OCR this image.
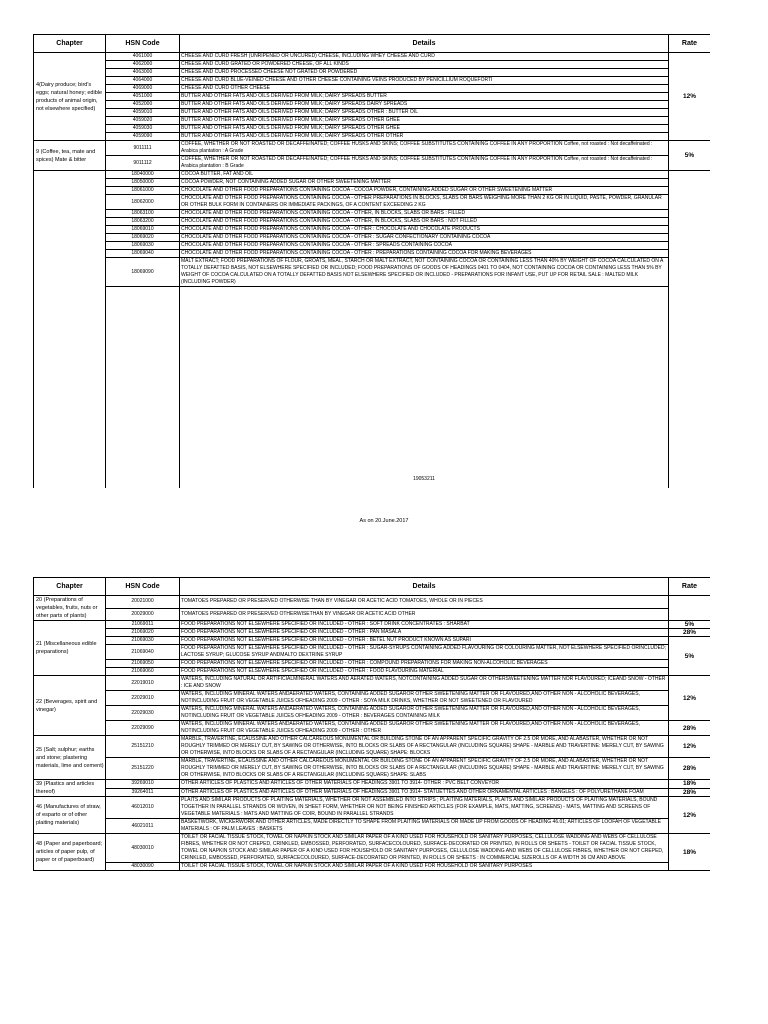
Chapter	HSN Code	Details	Rate	
4(Dairy produce; bird's eggs; natural honey; edible products of animal origin, not elsewhere specified)	4061000	CHEESE AND CURD FRESH (UNRIPENED OR UNCURED) CHEESE, INCLUDING WHEY CHEESE AND CURD	12%	
	4062000	CHEESE AND CURD GRATED OR POWDERED CHEESE, OF ALL KINDS		
	4063000	CHEESE AND CURD PROCESSED CHEESE NOT GRATED OR POWDERED		
	4064000	CHEESE AND CURD BLUE-VEINED CHEESE AND OTHER CHEESE CONTAINING VEINS PRODUCED BY PENICILLIUM ROQUEFORTI		
	4069000	CHEESE AND CURD OTHER CHEESE		
	4051000	BUTTER AND OTHER FATS AND OILS DERIVED FROM MILK; DAIRY SPREADS BUTTER		
	4052000	BUTTER AND OTHER FATS AND OILS DERIVED FROM MILK; DAIRY SPREADS DAIRY SPREADS		
	4059010	BUTTER AND OTHER FATS AND OILS DERIVED FROM MILK; DAIRY SPREADS OTHER : BUTTER OIL		
	4059020	BUTTER AND OTHER FATS AND OILS DERIVED FROM MILK; DAIRY SPREADS OTHER GHEE		
	4059030	BUTTER AND OTHER FATS AND OILS DERIVED FROM MILK; DAIRY SPREADS OTHER GHEE		
	4059090	BUTTER AND OTHER FATS AND OILS DERIVED FROM MILK; DAIRY SPREADS OTHER OTHER		
9 (Coffee, tea, mate and spices) Mate & bitter	9011111	COFFEE, WHETHER OR NOT ROASTED OR DECAFFEINATED; COFFEE HUSKS AND SKINS; COFFEE SUBSTITUTES CONTAINING COFFEE IN ANY PROPORTION Coffee, not roasted : Not decaffeinated : Arabica plantation : A Grade	5%	
	9011112	COFFEE, WHETHER OR NOT ROASTED OR DECAFFEINATED; COFFEE HUSKS AND SKINS; COFFEE SUBSTITUTES CONTAINING COFFEE IN ANY PROPORTION Coffee, not roasted : Not decaffeinated : Arabica plantation : B Grade		
	18040000	COCOA BUTTER, FAT AND OIL	
	18050000	COCOA POWDER, NOT CONTAINING ADDED SUGAR OR OTHER SWEETENING MATTER		
	18061000	CHOCOLATE AND OTHER FOOD PREPARATIONS CONTAINING COCOA - COCOA POWDER, CONTAINING ADDED SUGAR OR OTHER SWEETENING MATTER		
	18062000	CHOCOLATE AND OTHER FOOD PREPARATIONS CONTAINING COCOA - OTHER PREPARATIONS IN BLOCKS, SLABS OR BARS WEIGHING MORE THAN 2 KG OR IN LIQUID, PASTE, POWDER, GRANULAR OR OTHER BULK FORM IN CONTAINERS OR IMMEDIATE PACKINGS, OF A CONTENT EXCEEDING 2 KG		
	18063100	CHOCOLATE AND OTHER FOOD PREPARATIONS CONTAINING COCOA - OTHER, IN BLOCKS, SLABS OR BARS : FILLED		
	18063200	CHOCOLATE AND OTHER FOOD PREPARATIONS CONTAINING COCOA - OTHER, IN BLOCKS, SLABS OR BARS : NOT FILLED		
	18069010	CHOCOLATE AND OTHER FOOD PREPARATIONS CONTAINING COCOA - OTHER : CHOCOLATE AND CHOCOLATE PRODUCTS		
	18069020	CHOCOLATE AND OTHER FOOD PREPARATIONS CONTAINING COCOA - OTHER : SUGAR CONFECTIONARY CONTAINING COCOA		
	18069030	CHOCOLATE AND OTHER FOOD PREPARATIONS CONTAINING COCOA - OTHER : SPREADS CONTAINING COCOA		
	18069040	CHOCOLATE AND OTHER FOOD PREPARATIONS CONTAINING COCOA - OTHER : PREPARATIONS CONTAINING COCOA FOR MAKING BEVERAGES		
	18069090	MALT EXTRACT; FOOD PREPARATIONS OF FLOUR, GROATS, MEAL, STARCH OR MALT EXTRACT, NOT CONTAINING COCOA OR CONTAINING LESS THAN 40% BY WEIGHT OF COCOA CALCULATED ON A TOTALLY DEFATTED BASIS, NOT ELSEWHERE SPECIFIED OR INCLUDED; FOOD PREPARATIONS OF GOODS OF HEADINGS 0401 TO 0404, NOT CONTAINING COCOA OR CONTAINING LESS THAN 5% BY WEIGHT OF COCOA CALCULATED ON A TOTALLY DEFATTED BASIS NOT ELSEWHERE SPECIFIED OR INCLUDED - PREPARATIONS FOR INFANT USE, PUT UP FOR RETAIL SALE : MALTED MILK (INCLUDING POWDER)		
	19053211		

As on 20.June.2017
Chapter	HSN Code	Details	Rate
20 (Preparations of vegetables, fruits, nuts or other parts of plants)	20021000	TOMATOES PREPARED OR PRESERVED OTHERWISE THAN BY VINEGAR OR ACETIC ACID TOMATOES, WHOLE OR IN PIECES	
	20029000	TOMATOES PREPARED OR PRESERVED OTHERWISETHAN BY VINEGAR OR ACETIC ACID OTHER	
21 (Miscellaneous edible preparations)	21069011	FOOD PREPARATIONS NOT ELSEWHERE SPECIFIED OR INCLUDED - OTHER : SOFT DRINK CONCENTRATES : SHARBAT	5%
	21069020	FOOD PREPARATIONS NOT ELSEWHERE SPECIFIED OR INCLUDED - OTHER : PAN MASALA	28%
	21069030	FOOD PREPARATIONS NOT ELSEWHERE SPECIFIED OR INCLUDED - OTHER : BETEL NUT PRODUCT KNOWN AS SUPARI	5%
	21069040	FOOD PREPARATIONS NOT ELSEWHERE SPECIFIED OR INCLUDED - OTHER : SUGAR-SYRUPS CONTAINING ADDED FLAVOURING OR COLOURING MATTER, NOT ELSEWHERE SPECIFIED ORINCLUDED; LACTOSE SYRUP; GLUCOSE SYRUP ANDMALTO DEXTRINE SYRUP	
	21069050	FOOD PREPARATIONS NOT ELSEWHERE SPECIFIED OR INCLUDED - OTHER : COMPOUND PREPARATIONS FOR MAKING NON-ALCOHOLIC BEVERAGES	
	21069060	FOOD PREPARATIONS NOT ELSEWHERE SPECIFIED OR INCLUDED - OTHER : FOOD FLAVOURING MATERIAL	
22 (Beverages, spirit and vinegar)	22019010	WATERS, INCLUDING NATURAL OR ARTIFICIALMINERAL WATERS AND AERATED WATERS, NOTCONTAINING ADDED SUGAR OR OTHERSWEETENING MATTER NOR FLAVOURED; ICEAND SNOW - OTHER : ICE AND SNOW	12%
	22029010	WATERS, INCLUDING MINERAL WATERS ANDAERATED WATERS, CONTAINING ADDED SUGAROR OTHER SWEETENING MATTER OR FLAVOURED,AND OTHER NON - ALCOHOLIC BEVERAGES, NOTINCLUDING FRUIT OR VEGETABLE JUICES OFHEADING 2009 - OTHER : SOYA MILK DRINKS, WHETHER OR NOT SWEETENED OR FLAVOURED	
	22029030	WATERS, INCLUDING MINERAL WATERS ANDAERATED WATERS, CONTAINING ADDED SUGAROR OTHER SWEETENING MATTER OR FLAVOURED,AND OTHER NON - ALCOHOLIC BEVERAGES, NOTINCLUDING FRUIT OR VEGETABLE JUICES OFHEADING 2009 - OTHER : BEVERAGES CONTAINING MILK	
	22029090	WATERS, INCLUDING MINERAL WATERS ANDAERATED WATERS, CONTAINING ADDED SUGAROR OTHER SWEETENING MATTER OR FLAVOURED,AND OTHER NON - ALCOHOLIC BEVERAGES, NOTINCLUDING FRUIT OR VEGETABLE JUICES OFHEADING 2009 - OTHER : OTHER	28%
25 (Salt; sulphur; earths and stone; plastering materials, lime and cement)	25151210	MARBLE, TRAVERTINE, ECAUSSINE AND OTHER CALCAREOUS MONUMENTAL OR BUILDING STONE OF AN APPARENT SPECIFIC GRAVITY OF 2.5 OR MORE, AND ALABASTER, WHETHER OR NOT ROUGHLY TRIMMED OR MERELY CUT, BY SAWING OR OTHERWISE, INTO BLOCKS OR SLABS OF A RECTANGULAR (INCLUDING SQUARE) SHAPE - MARBLE AND TRAVERTINE: MERELY CUT, BY SAWING OR OTHERWISE, INTO BLOCKS OR SLABS OF A RECTANGULAR (INCLUDING SQUARE) SHAPE: BLOCKS	12%
	25151220	MARBLE, TRAVERTINE, ECAUSSINE AND OTHER CALCAREOUS MONUMENTAL OR BUILDING STONE OF AN APPARENT SPECIFIC GRAVITY OF 2.5 OR MORE, AND ALABASTER, WHETHER OR NOT ROUGHLY TRIMMED OR MERELY CUT, BY SAWING OR OTHERWISE, INTO BLOCKS OR SLABS OF A RECTANGULAR (INCLUDING SQUARE) SHAPE - MARBLE AND TRAVERTINE: MERELY CUT, BY SAWING OR OTHERWISE, INTO BLOCKS OR SLABS OF A RECTANGULAR (INCLUDING SQUARE) SHAPE: SLABS	28%
39 (Plastics and articles thereof)	39269010	OTHER ARTICLES OF PLASTICS AND ARTICLES OF OTHER MATERIALS OF HEADINGS 3901 TO 3914- OTHER : PVC BELT CONVEYOR	18%
	39264011	OTHER ARTICLES OF PLASTICS AND ARTICLES OF OTHER MATERIALS OF HEADINGS 3901 TO 3914- STATUETTES AND OTHER ORNAMENTAL ARTICLES : BANGLES : OF POLYURETHANE FOAM	28%
46 (Manufactures of straw, of esparto or of other plaiting materials)	46012010	PLAITS AND SIMILAR PRODUCTS OF PLAITING MATERIALS, WHETHER OR NOT ASSEMBLED INTO STRIPS ; PLAITING MATERIALS, PLAITS AND SIMILAR PRODUCTS OF PLAITING MATERIALS, BOUND TOGETHER IN PARALLEL STRANDS OR WOVEN, IN SHEET FORM, WHETHER OR NOT BEING FINISHED ARTICLES (FOR EXAMPLE, MATS, MATTING, SCREENS) - MATS, MATTING AND SCREENS OF VEGETABLE MATERIALS : MATS AND MATTING OF COIR, BOUND IN PARALLEL STRANDS	12%
	46021011	BASKETWORK, WICKERWORK AND OTHER ARTICLES, MADE DIRECTLY TO SHAPE FROM PLAITING MATERIALS OR MADE UP FROM GOODS OF HEADING 46.01; ARTICLES OF LOOFAH OF VEGETABLE MATERIALS : OF PALM LEAVES : BASKETS	
48 (Paper and paperboard; articles of paper pulp, of paper or of paperboard)	48030010	TOILET OR FACIAL TISSUE STOCK, TOWEL OR NAPKIN STOCK AND SIMILAR PAPER OF A KIND USED FOR HOUSEHOLD OR SANITARY PURPOSES, CELLULOSE WADDING AND WEBS OF CELLULOSE FIBRES, WHETHER OR NOT CREPED, CRINKLED, EMBOSSED, PERFORATED, SURFACECOLOURED, SURFACE-DECORATED OR PRINTED, IN ROLLS OR SHEETS - TOILET OR FACIAL TISSUE STOCK, TOWEL OR NAPKIN STOCK AND SIMILAR PAPER OF A KIND USED FOR HOUSEHOLD OR SANITARY PURPOSES, CELLULOSE WADDING AND WEBS OF CELLULOSE FIBRES, WHETHER OR NOT CREPED, CRINKLED, EMBOSSED, PERFORATED, SURFACECOLOURED, SURFACE-DECORATED OR PRINTED, IN ROLLS OR SHEETS : IN COMMERCIAL SIZEROLLS OF A WIDTH 36 CM AND ABOVE	18%
	48030090	TOILET OR FACIAL TISSUE STOCK, TOWEL OR NAPKIN STOCK AND SIMILAR PAPER OF A KIND USED FOR HOUSEHOLD OR SANITARY PURPOSES	
